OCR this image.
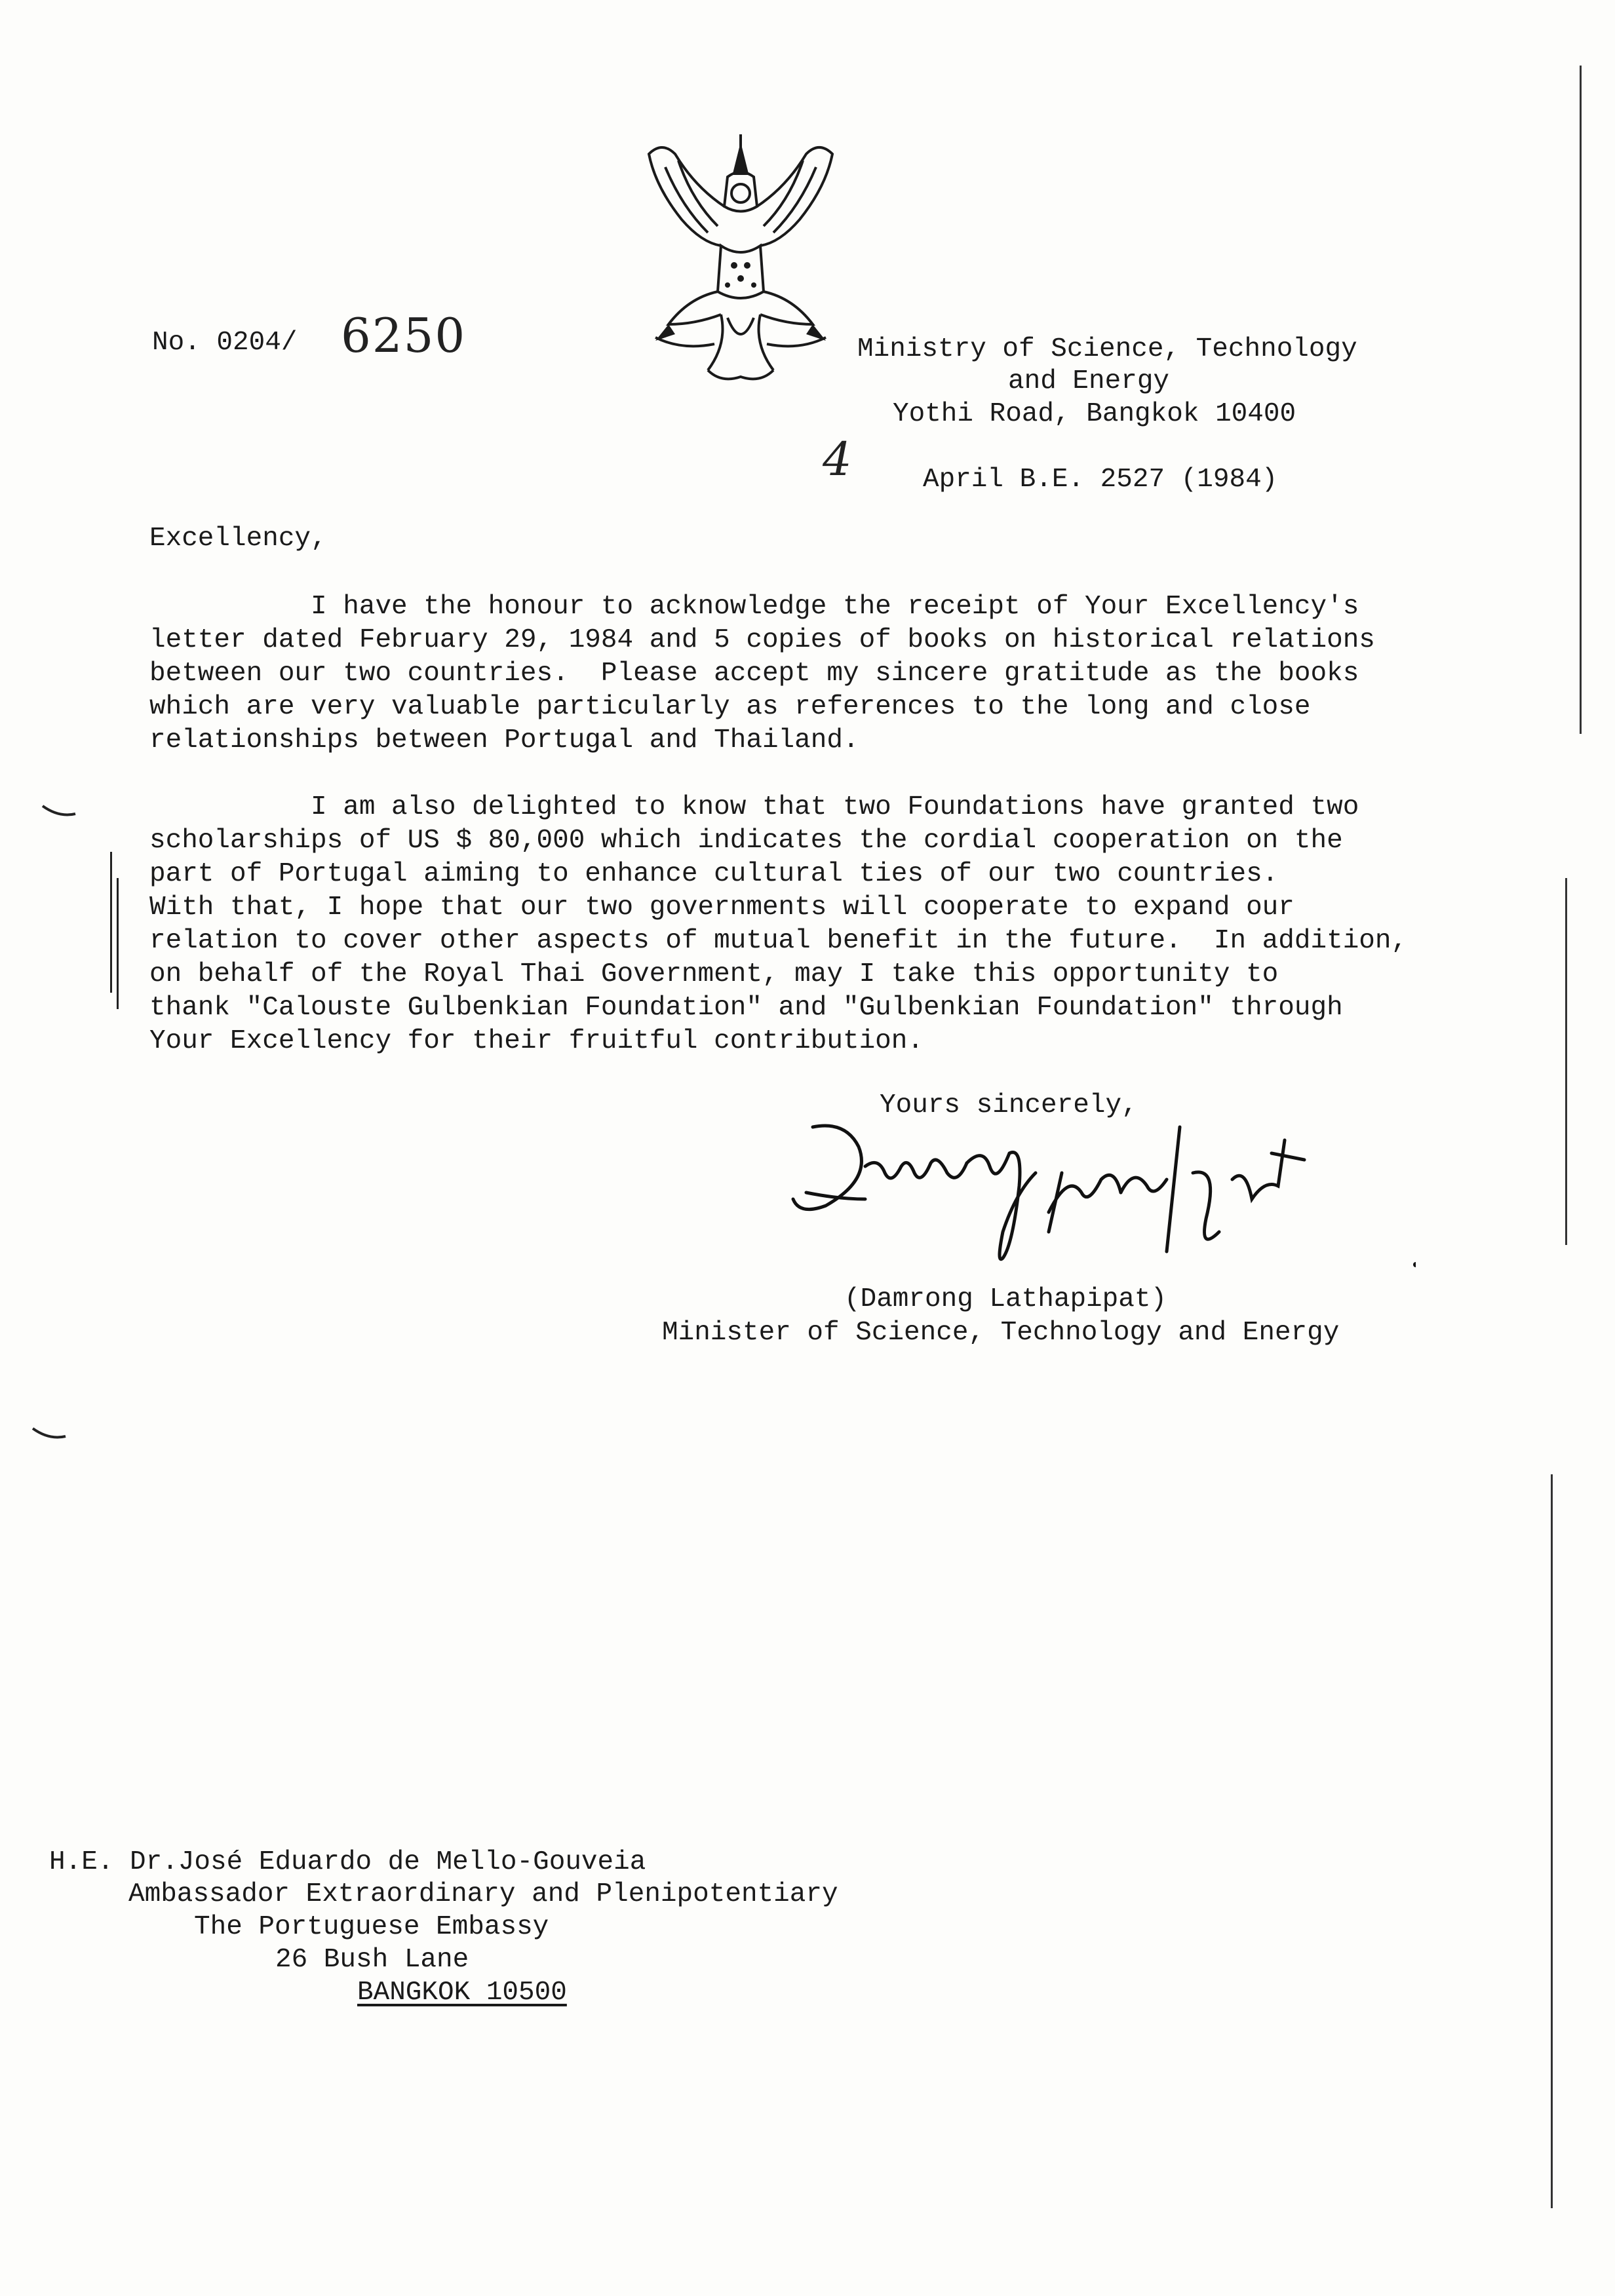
No. 0204/ 6250	Ministry of Science, Technology
and Energy
Yothi Road, Bangkok 10400
4	April B.E. 2527 (1984)
Excellency,
I have the honour to acknowledge the receipt of Your Excellency's
letter dated February 29, 1984 and 5 copies of books on historical relations
between our two countries.  Please accept my sincere gratitude as the books
which are very valuable particularly as references to the long and close
relationships between Portugal and Thailand.
I am also delighted to know that two Foundations have granted two
scholarships of US $ 80,000 which indicates the cordial cooperation on the
part of Portugal aiming to enhance cultural ties of our two countries.
With that, I hope that our two governments will cooperate to expand our
relation to cover other aspects of mutual benefit in the future.  In addition,
on behalf of the Royal Thai Government, may I take this opportunity to
thank "Calouste Gulbenkian Foundation" and "Gulbenkian Foundation" through
Your Excellency for their fruitful contribution.
Yours sincerely,
(Damrong Lathapipat)
Minister of Science, Technology and Energy
H.E. Dr.José Eduardo de Mello-Gouveia
Ambassador Extraordinary and Plenipotentiary
The Portuguese Embassy
26 Bush Lane
BANGKOK 10500
